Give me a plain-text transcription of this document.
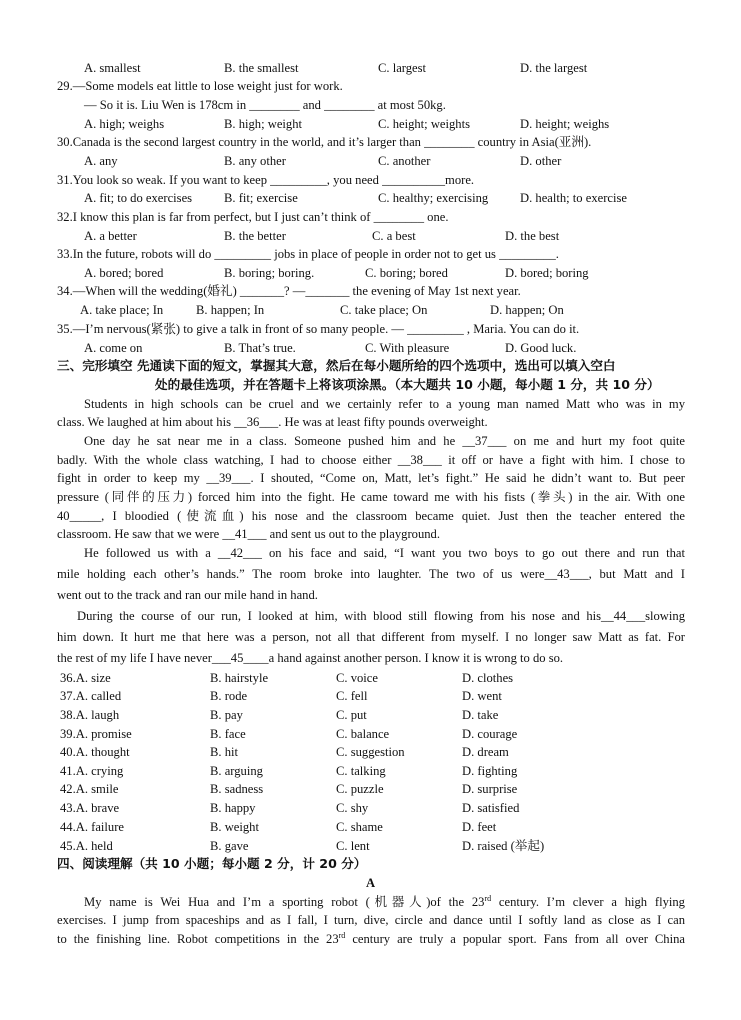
A. smallest	B. the smallest	C. largest	D. the largest
29.—Some models eat little to lose weight just for work.
— So it is. Liu Wen is 178cm in ________ and ________ at most 50kg.
A. high; weighs	B. high; weight	C. height; weights	D. height; weighs
30.Canada is the second largest country in the world, and it’s larger than ________ country in Asia(亚洲).
A. any	B. any other	C. another	D. other
31.You look so weak. If you want to keep _________, you need __________more.
A. fit; to do exercises	B. fit; exercise	C. healthy; exercising	D. health; to exercise
32.I know this plan is far from perfect, but I just can’t think of ________ one.
A. a better	B. the better	C. a best	D. the best
33.In the future, robots will do _________ jobs in place of people in order not to get us _________.
A. bored; bored	B. boring; boring.	C. boring; bored	D. bored; boring
34.—When will the wedding(婚礼) _______? —_______ the evening of May 1st next year.
A. take place; In	B. happen; In	C. take place; On	D. happen; On
35.—I’m nervous(紧张) to give a talk in front of so many people. — _________ , Maria. You can do it.
A. come on	B. That’s true.	C. With pleasure	D. Good luck.
三、完形填空 先通读下面的短文，掌握其大意，然后在每小题所给的四个选项中，选出可以填入空白
处的最佳选项，并在答题卡上将该项涂黑。（本大题共 10 小题，每小题 1 分，共 10 分）
Students in high schools can be cruel and we certainly refer to a young man named Matt who was in my
class. We laughed at him about his __36___. He was at least fifty pounds overweight.
One day he sat near me in a class. Someone pushed him and he __37___ on me and hurt my foot quite
badly. With the whole class watching, I had to choose either __38___ it off or have a fight with him. I chose to
fight in order to keep my __39___. I shouted, “Come on, Matt, let’s fight.” He said he didn’t want to. But peer
pressure (同伴的压力) forced him into the fight. He came toward me with his fists (拳头) in the air. With one
40_____, I bloodied (使流血) his nose and the classroom became quiet. Just then the teacher entered the
classroom. He saw that we were __41___ and sent us out to the playground.
He followed us with a __42___ on his face and said, “I want you two boys to go out there and run that
mile holding each other’s hands.” The room broke into laughter. The two of us were__43___, but Matt and I
went out to the track and ran our mile hand in hand.
During the course of our run, I looked at him, with blood still flowing from his nose and his__44___slowing
him down. It hurt me that here was a person, not all that different from myself. I no longer saw Matt as fat. For
the rest of my life I have never___45____a hand against another person. I know it is wrong to do so.
36.A. size	B. hairstyle	C. voice	D. clothes
37.A. called	B. rode	C. fell	D. went
38.A. laugh	B. pay	C. put	D. take
39.A. promise	B. face	C. balance	D. courage
40.A. thought	B. hit	C. suggestion	D. dream
41.A. crying	B. arguing	C. talking	D. fighting
42.A. smile	B. sadness	C. puzzle	D. surprise
43.A. brave	B. happy	C. shy	D. satisfied
44.A. failure	B. weight	C. shame	D. feet
45.A. held	B. gave	C. lent	D. raised (举起)
四、阅读理解（共 10 小题；每小题 2 分，计 20 分）
A
My name is Wei Hua and I’m a sporting robot (机器人)of the 23rd century. I’m clever a high flying
exercises. I jump from spaceships and as I fall, I turn, dive, circle and dance until I softly land as close as I can
to the finishing line. Robot competitions in the 23rd century are truly a popular sport. Fans from all over China
